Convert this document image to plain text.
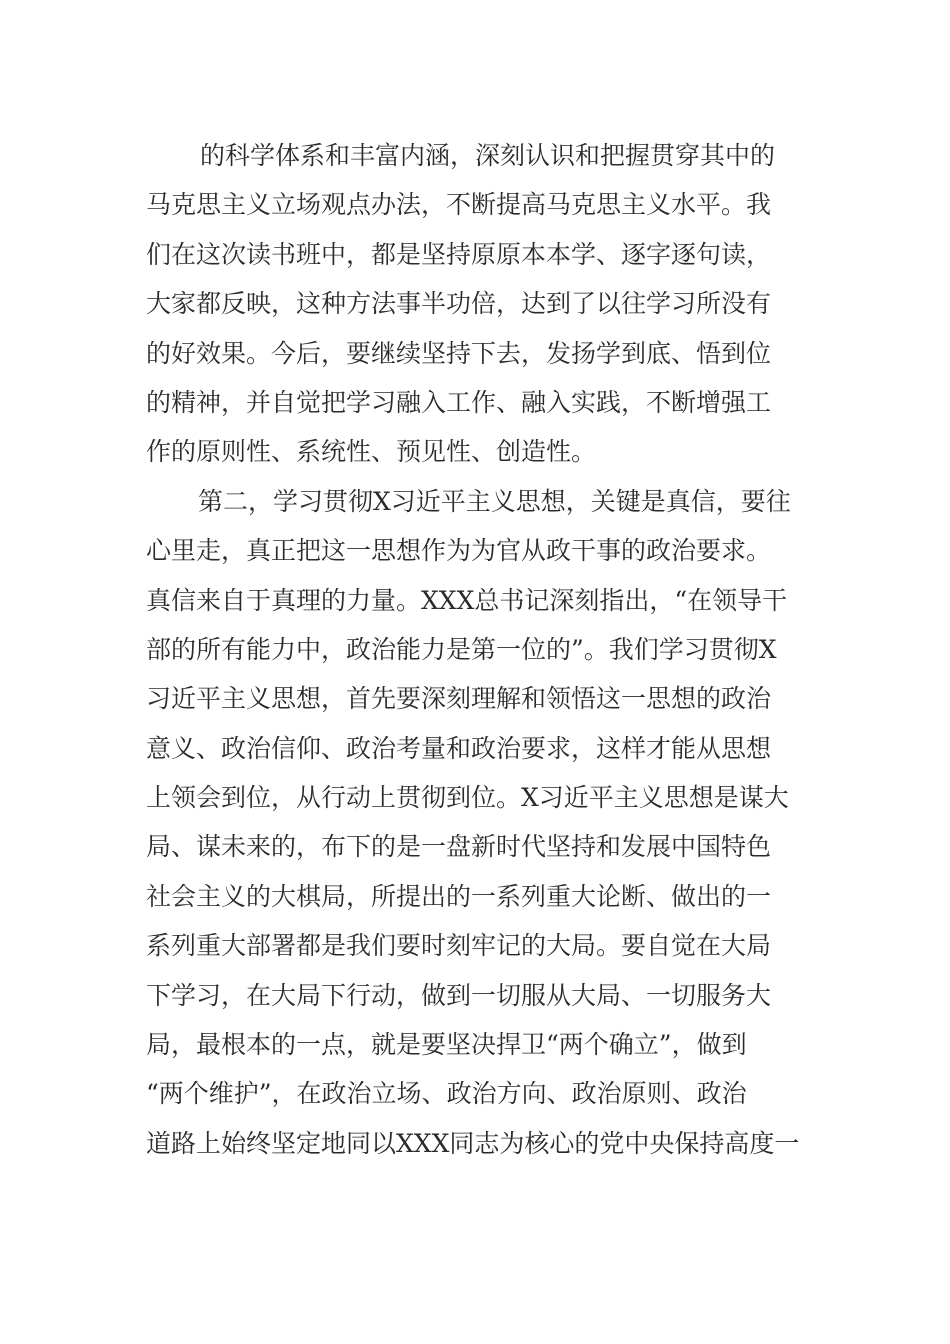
的科学体系和丰富内涵，深刻认识和把握贯穿其中的
马克思主义立场观点办法，不断提高马克思主义水平。我
们在这次读书班中，都是坚持原原本本学、逐字逐句读，
大家都反映，这种方法事半功倍，达到了以往学习所没有
的好效果。今后，要继续坚持下去，发扬学到底、悟到位
的精神，并自觉把学习融入工作、融入实践，不断增强工
作的原则性、系统性、预见性、创造性。
第二，学习贯彻X习近平主义思想，关键是真信，要往
心里走，真正把这一思想作为为官从政干事的政治要求。
真信来自于真理的力量。XXX总书记深刻指出，“在领导干
部的所有能力中，政治能力是第一位的”。我们学习贯彻X
习近平主义思想，首先要深刻理解和领悟这一思想的政治
意义、政治信仰、政治考量和政治要求，这样才能从思想
上领会到位，从行动上贯彻到位。X习近平主义思想是谋大
局、谋未来的，布下的是一盘新时代坚持和发展中国特色
社会主义的大棋局，所提出的一系列重大论断、做出的一
系列重大部署都是我们要时刻牢记的大局。要自觉在大局
下学习，在大局下行动，做到一切服从大局、一切服务大
局，最根本的一点，就是要坚决捍卫“两个确立”，做到
“两个维护”，在政治立场、政治方向、政治原则、政治
道路上始终坚定地同以XXX同志为核心的党中央保持高度一
